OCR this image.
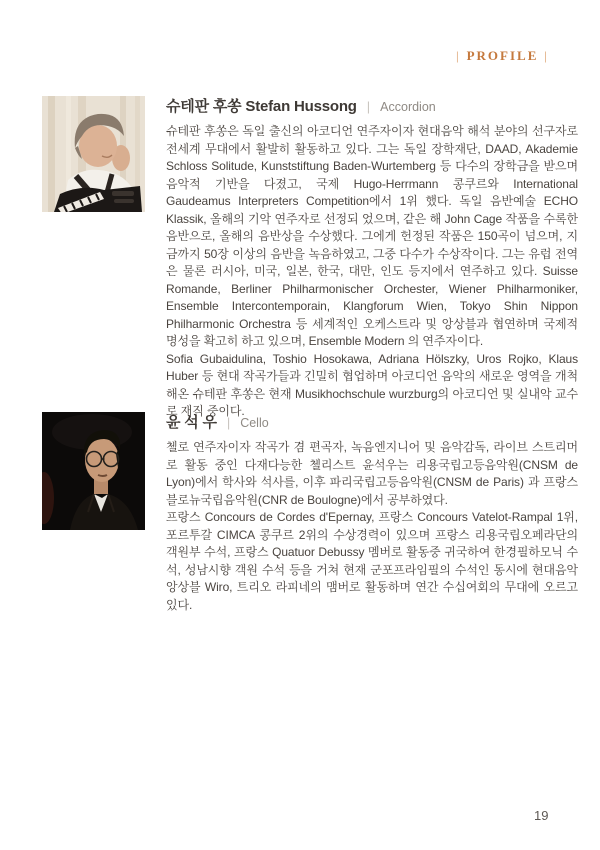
| PROFILE |
슈테판 후쏭 Stefan Hussong | Accordion

슈테판 후쏭은 독일 출신의 아코디언 연주자이자 현대음악 해석 분야의 선구자로 전세계 무대에서 활발히 활동하고 있다. 그는 독일 장학재단, DAAD, Akademie Schloss Solitude, Kunststiftung Baden-Wurtemberg 등 다수의 장학금을 받으며 음악적 기반을 다졌고, 국제 Hugo-Herrmann 콩쿠르와 International Gaudeamus Interpreters Competition에서 1위 했다. 독일 음반예술 ECHO Klassik, 올해의 기악 연주자로 선정되 었으며, 같은 해 John Cage 작품을 수록한 음반으로, 올해의 음반상을 수상했다. 그에게 헌정된 작품은 150곡이 넘으며, 지금까지 50장 이상의 음반을 녹음하였고, 그중 다수가 수상작이다. 그는 유럽 전역은 물론 러시아, 미국, 일본, 한국, 대만, 인도 등지에서 연주하고 있다. Suisse Romande, Berliner Philharmonischer Orchester, Wiener Philharmoniker, Ensemble Intercontemporain, Klangforum Wien, Tokyo Shin Nippon Philharmonic Orchestra 등 세계적인 오케스트라 및 앙상블과 협연하며 국제적 명성을 확고히 하고 있으며, Ensemble Modern 의 연주자이다.

Sofia Gubaidulina, Toshio Hosokawa, Adriana Hölszky, Uros Rojko, Klaus Huber 등 현대 작곡가들과 긴밀히 협업하며 아코디언 음악의 새로운 영역을 개척해온 슈테판 후쏭은 현재 Musikhochschule wurzburg의 아코디언 및 실내악 교수로 재직 중이다.

윤 석 우 | Cello

첼로 연주자이자 작곡가 겸 편곡자, 녹음엔지니어 및 음악감독, 라이브 스트리머로 활동 중인 다재다능한 첼리스트 윤석우는 리용국립고등음악원(CNSM de Lyon)에서 학사와 석사를, 이후 파리국립고등음악원(CNSM de Paris) 과 프랑스 블로뉴국립음악원(CNR de Boulogne)에서 공부하였다.

프랑스 Concours de Cordes d'Epernay, 프랑스 Concours Vatelot-Rampal 1위, 포르투갈 CIMCA 콩쿠르 2위의 수상경력이 있으며 프랑스 리용국립오페라단의 객원부 수석, 프랑스 Quatuor Debussy 멤버로 활동중 귀국하여 한경필하모닉 수석, 성남시향 객원 수석 등을 거쳐 현재 군포프라임필의 수석인 동시에 현대음악앙상블 Wiro, 트리오 라피네의 맴버로 활동하며 연간 수십여회의 무대에 오르고있다.

19
